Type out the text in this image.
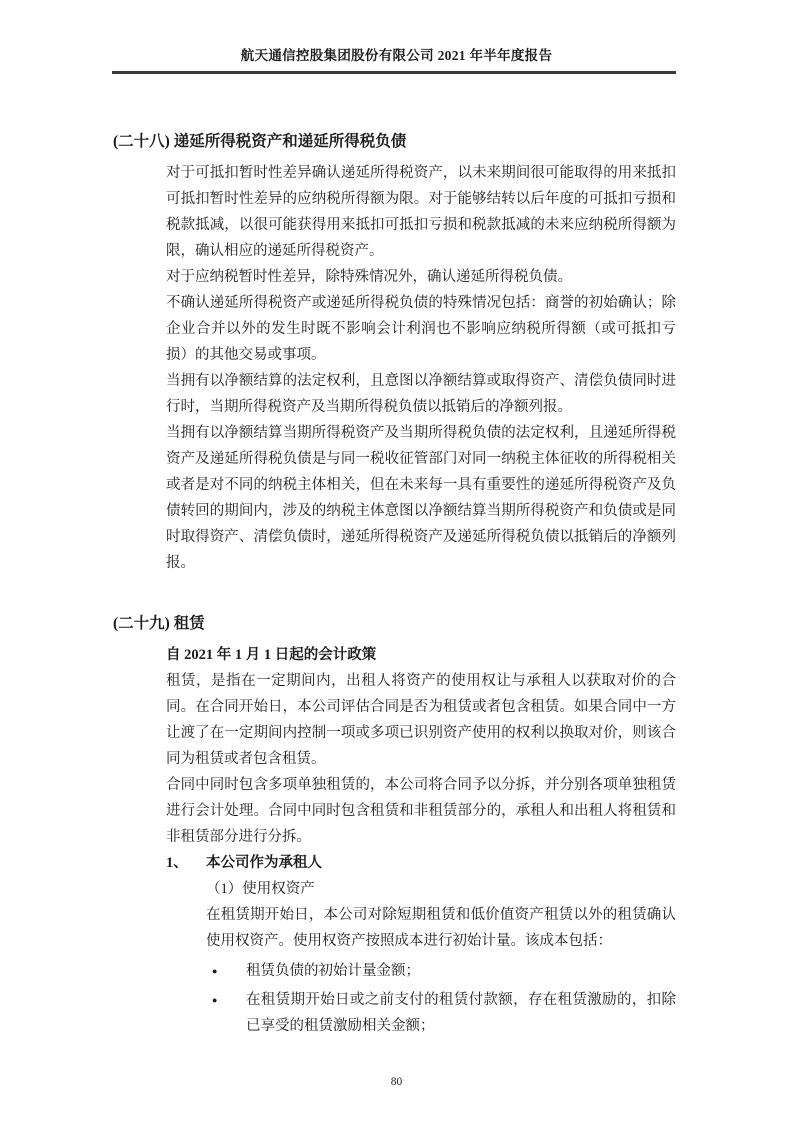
航天通信控股集团股份有限公司 2021 年半年度报告
(二十八) 递延所得税资产和递延所得税负债

对于可抵扣暂时性差异确认递延所得税资产，以未来期间很可能取得的用来抵扣可抵扣暂时性差异的应纳税所得额为限。对于能够结转以后年度的可抵扣亏损和税款抵减，以很可能获得用来抵扣可抵扣亏损和税款抵减的未来应纳税所得额为限，确认相应的递延所得税资产。

对于应纳税暂时性差异，除特殊情况外，确认递延所得税负债。

不确认递延所得税资产或递延所得税负债的特殊情况包括：商誉的初始确认；除企业合并以外的发生时既不影响会计利润也不影响应纳税所得额（或可抵扣亏损）的其他交易或事项。

当拥有以净额结算的法定权利，且意图以净额结算或取得资产、清偿负债同时进行时，当期所得税资产及当期所得税负债以抵销后的净额列报。

当拥有以净额结算当期所得税资产及当期所得税负债的法定权利，且递延所得税资产及递延所得税负债是与同一税收征管部门对同一纳税主体征收的所得税相关或者是对不同的纳税主体相关，但在未来每一具有重要性的递延所得税资产及负债转回的期间内，涉及的纳税主体意图以净额结算当期所得税资产和负债或是同时取得资产、清偿负债时，递延所得税资产及递延所得税负债以抵销后的净额列报。

(二十九) 租赁

自 2021 年 1 月 1 日起的会计政策

租赁，是指在一定期间内，出租人将资产的使用权让与承租人以获取对价的合同。在合同开始日，本公司评估合同是否为租赁或者包含租赁。如果合同中一方让渡了在一定期间内控制一项或多项已识别资产使用的权利以换取对价，则该合同为租赁或者包含租赁。

合同中同时包含多项单独租赁的，本公司将合同予以分拆，并分别各项单独租赁进行会计处理。合同中同时包含租赁和非租赁部分的，承租人和出租人将租赁和非租赁部分进行分拆。

1、	本公司作为承租人

（1）使用权资产

在租赁期开始日，本公司对除短期租赁和低价值资产租赁以外的租赁确认使用权资产。使用权资产按照成本进行初始计量。该成本包括：

● 租赁负债的初始计量金额；
● 在租赁期开始日或之前支付的租赁付款额，存在租赁激励的，扣除已享受的租赁激励相关金额；
80
